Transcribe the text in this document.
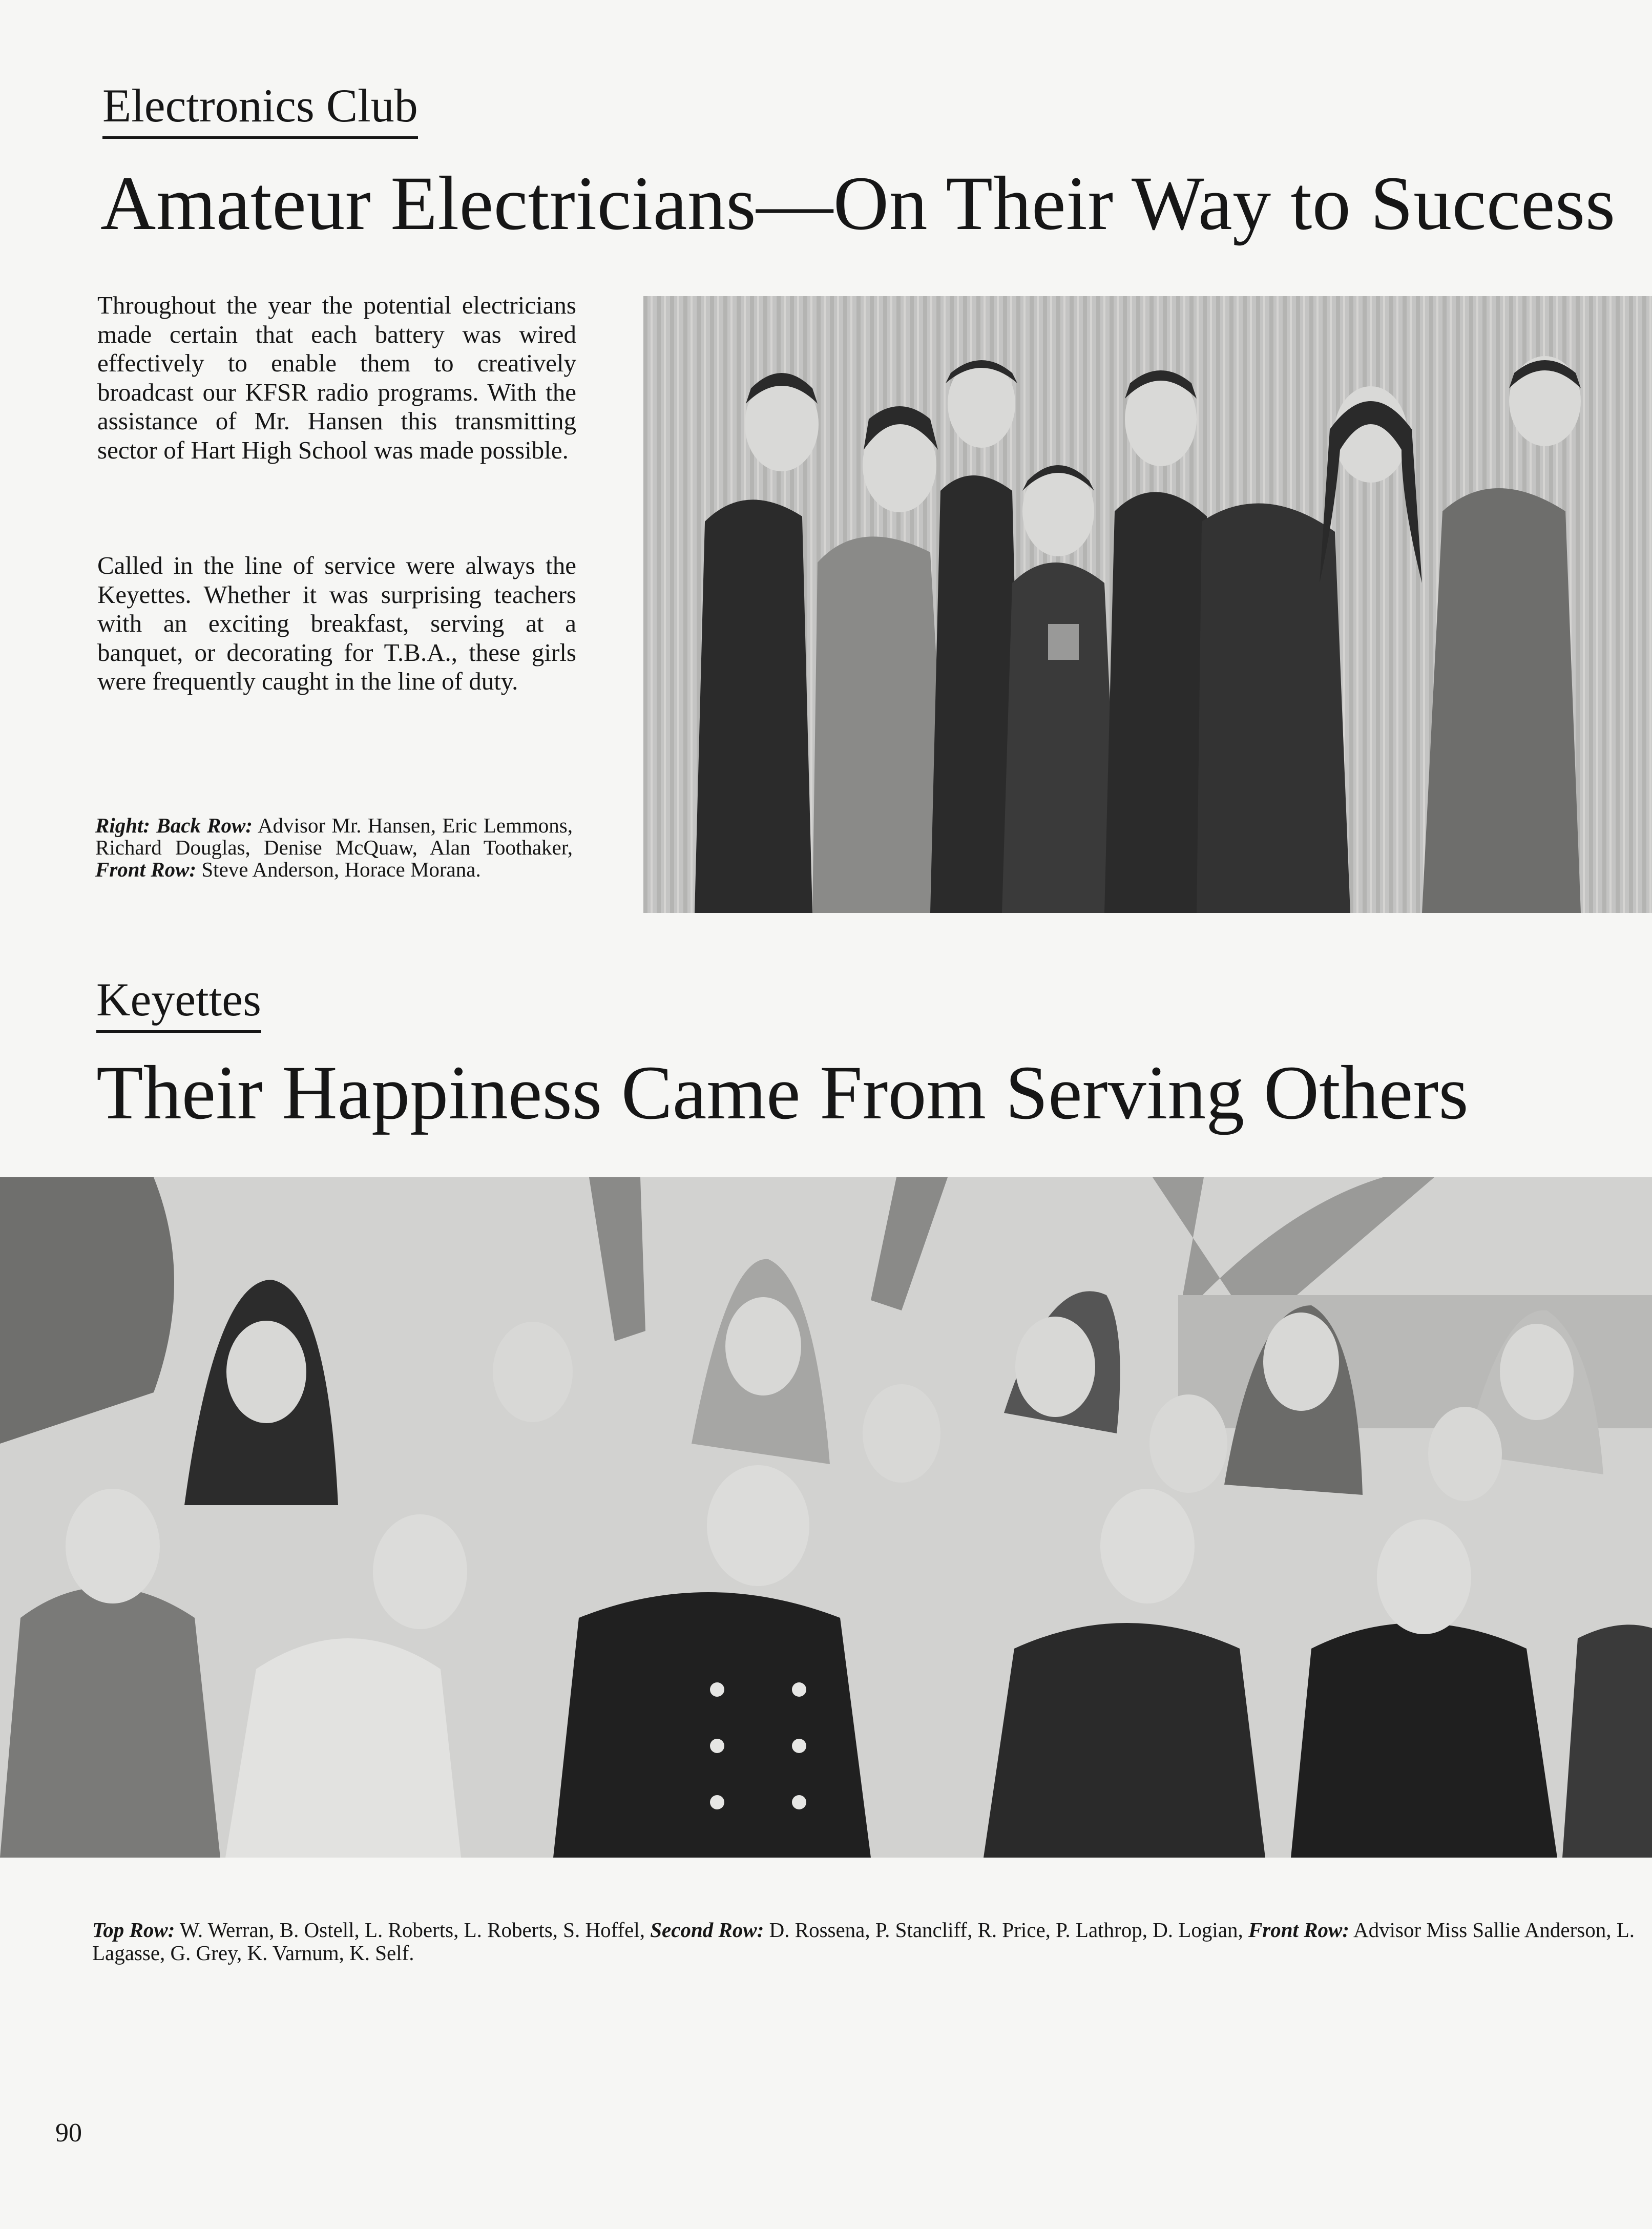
Electronics Club
Amateur Electricians—On Their Way to Success

Throughout the year the potential electricians made certain that each battery was wired effectively to enable them to creatively broadcast our KFSR radio programs. With the assistance of Mr. Hansen this transmitting sector of Hart High School was made possible.

Called in the line of service were always the Keyettes. Whether it was surprising teachers with an exciting breakfast, serving at a banquet, or decorating for T.B.A., these girls were frequently caught in the line of duty.

Right: Back Row: Advisor Mr. Hansen, Eric Lemmons, Richard Douglas, Denise McQuaw, Alan Toothaker, Front Row: Steve Anderson, Horace Morana.

Keyettes
Their Happiness Came From Serving Others

Top Row: W. Werran, B. Ostell, L. Roberts, L. Roberts, S. Hoffel, Second Row: D. Rossena, P. Stancliff, R. Price, P. Lathrop, D. Logian, Front Row: Advisor Miss Sallie Anderson, L. Lagasse, G. Grey, K. Varnum, K. Self.

90
